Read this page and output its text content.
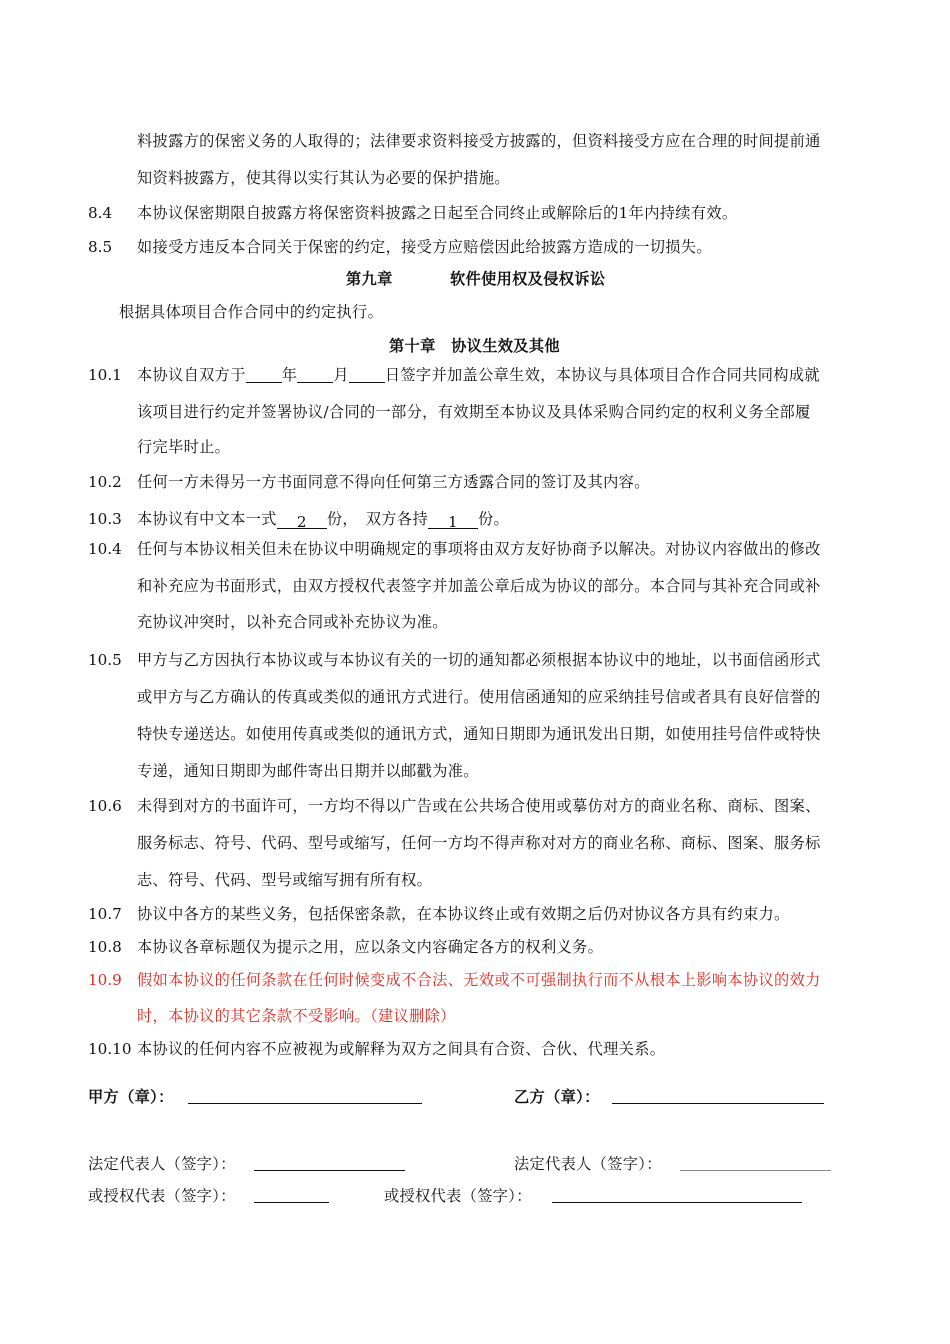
料披露方的保密义务的人取得的；法律要求资料接受方披露的，但资料接受方应在合理的时间提前通
知资料披露方，使其得以实行其认为必要的保护措施。
8.4 本协议保密期限自披露方将保密资料披露之日起至合同终止或解除后的1年内持续有效。
8.5 如接受方违反本合同关于保密的约定，接受方应赔偿因此给披露方造成的一切损失。
第九章	软件使用权及侵权诉讼
根据具体项目合作合同中的约定执行。
第十章　协议生效及其他
10.1 本协议自双方于 年 月 日签字并加盖公章生效，本协议与具体项目合作合同共同构成就
该项目进行约定并签署协议/合同的一部分，有效期至本协议及具体采购合同约定的权利义务全部履
行完毕时止。
10.2 任何一方未得另一方书面同意不得向任何第三方透露合同的签订及其内容。
10.3 本协议有中文本一式 2 份，　双方各持 1 份。
10.4 任何与本协议相关但未在协议中明确规定的事项将由双方友好协商予以解决。对协议内容做出的修改
和补充应为书面形式，由双方授权代表签字并加盖公章后成为协议的部分。本合同与其补充合同或补
充协议冲突时，以补充合同或补充协议为准。
10.5 甲方与乙方因执行本协议或与本协议有关的一切的通知都必须根据本协议中的地址，以书面信函形式
或甲方与乙方确认的传真或类似的通讯方式进行。使用信函通知的应采纳挂号信或者具有良好信誉的
特快专递送达。如使用传真或类似的通讯方式，通知日期即为通讯发出日期，如使用挂号信件或特快
专递，通知日期即为邮件寄出日期并以邮戳为准。
10.6 未得到对方的书面许可，一方均不得以广告或在公共场合使用或摹仿对方的商业名称、商标、图案、
服务标志、符号、代码、型号或缩写，任何一方均不得声称对对方的商业名称、商标、图案、服务标
志、符号、代码、型号或缩写拥有所有权。
10.7 协议中各方的某些义务，包括保密条款，在本协议终止或有效期之后仍对协议各方具有约束力。
10.8 本协议各章标题仅为提示之用，应以条文内容确定各方的权利义务。
10.9 假如本协议的任何条款在任何时候变成不合法、无效或不可强制执行而不从根本上影响本协议的效力
时，本协议的其它条款不受影响。（建议删除）
10.10 本协议的任何内容不应被视为或解释为双方之间具有合资、合伙、代理关系。
甲方（章）：	乙方（章）：
法定代表人（签字）：	法定代表人（签字）：
或授权代表（签字）：	或授权代表（签字）：
